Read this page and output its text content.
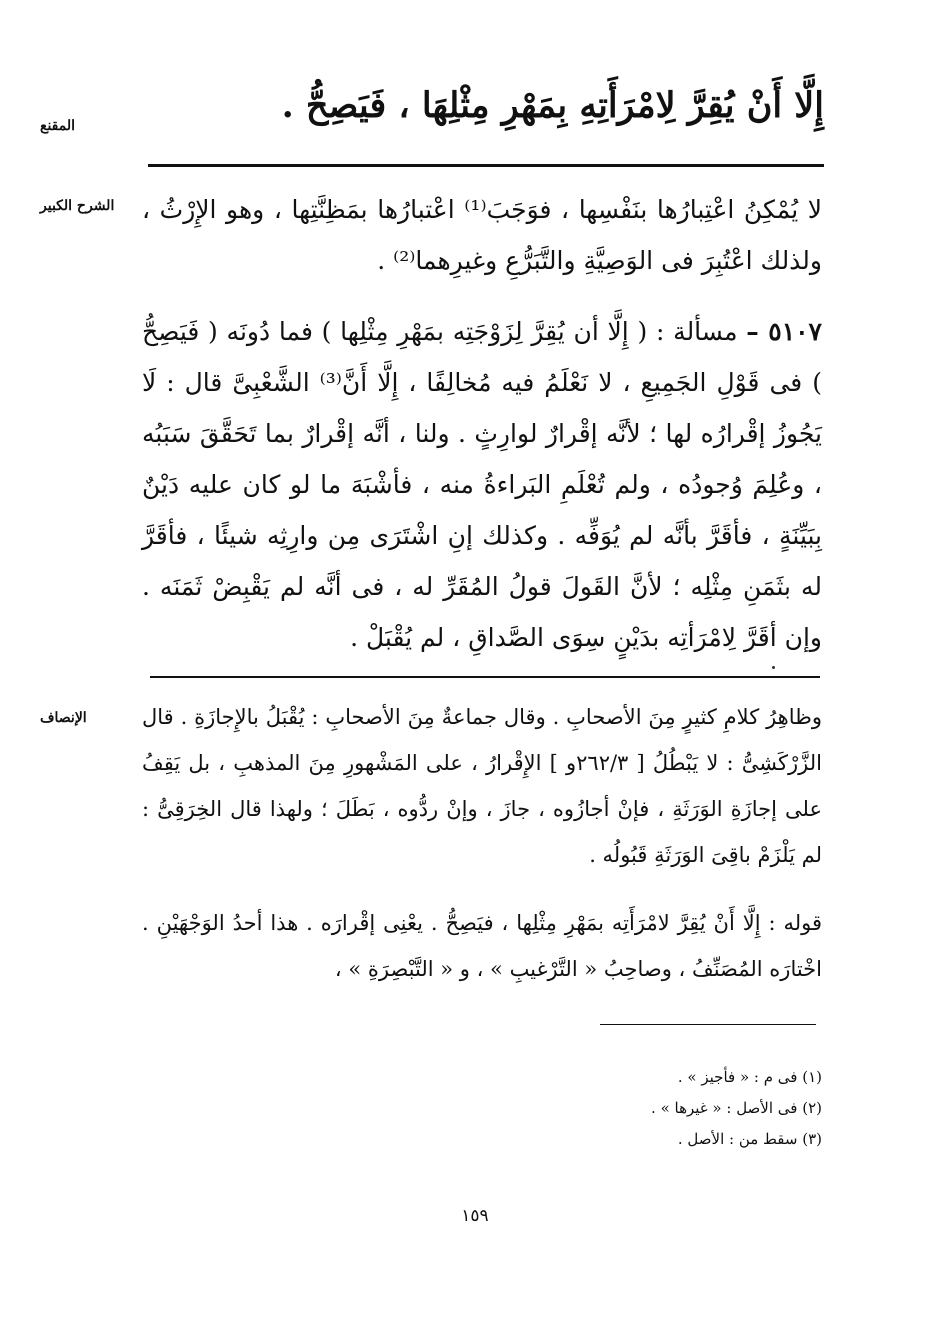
إِلَّا أَنْ يُقِرَّ لِامْرَأَتِهِ بِمَهْرِ مِثْلِهَا ، فَيَصِحُّ .
المقنع
الشرح الكبير	لا يُمْكِنُ اعْتِبارُها بنَفْسِها ، فوَجَبَ⁽¹⁾ اعْتبارُها بمَظِنَّتِها ، وهو الإِرْثُ ، ولذلك اعْتُبِرَ فى الوَصِيَّةِ والتَّبَرُّعِ وغيرِهما⁽²⁾ .

٥١٠٧ – مسألة : ( إِلَّا أن يُقِرَّ لِزَوْجَتِه بمَهْرِ مِثْلِها ) فما دُونَه ( فَيَصِحُّ ) فى قَوْلِ الجَمِيعِ ، لا نَعْلَمُ فيه مُخالِفًا ، إِلَّا أَنَّ⁽³⁾ الشَّعْبِىَّ قال : لَا يَجُوزُ إقْرارُه لها ؛ لأنَّه إقْرارٌ لوارِثٍ . ولنا ، أنَّه إقْرارٌ بما تَحَقَّقَ سَبَبُه ، وعُلِمَ وُجودُه ، ولم تُعْلَمِ البَراءةُ منه ، فأشْبَهَ ما لو كان عليه دَيْنٌ بِبَيِّنَةٍ ، فأقَرَّ بأنَّه لم يُوَفِّه . وكذلك إنِ اشْتَرَى مِن وارِثِه شيئًا ، فأقَرَّ له بثَمَنِ مِثْلِه ؛ لأنَّ القَولَ قولُ المُقَرِّ له ، فى أنَّه لم يَقْبِضْ ثَمَنَه . وإن أقَرَّ لِامْرَأتِه بدَيْنٍ سِوَى الصَّداقِ ، لم يُقْبَلْ .

الإنصاف	وظاهِرُ كلامِ كثيرٍ مِنَ الأصحابِ . وقال جماعةٌ مِنَ الأصحابِ : يُقْبَلُ بالإِجازَةِ . قال الزَّرْكَشِىُّ : لا يَبْطُلُ [ ٢٦٢/٣و ] الإِقْرارُ ، على المَشْهورِ مِنَ المذهبِ ، بل يَقِفُ على إجازَةِ الوَرَثَةِ ، فإنْ أجازُوه ، جازَ ، وإنْ ردُّوه ، بَطَلَ ؛ ولهذا قال الخِرَقِىُّ : لم يَلْزَمْ باقِىَ الوَرَثَةِ قَبُولُه .

قوله : إِلَّا أَنْ يُقِرَّ لامْرَأَتِه بمَهْرِ مِثْلِها ، فيَصِحُّ . يعْنِى إقْرارَه . هذا أحدُ الوَجْهَيْنِ . اخْتارَه المُصَنِّفُ ، وصاحِبُ « التَّرْغيبِ » ، و « التَّبْصِرَةِ » ،

(١) فى م : « فأجيز » .
(٢) فى الأصل : « غيرها » .
(٣) سقط من : الأصل .
١٥٩
